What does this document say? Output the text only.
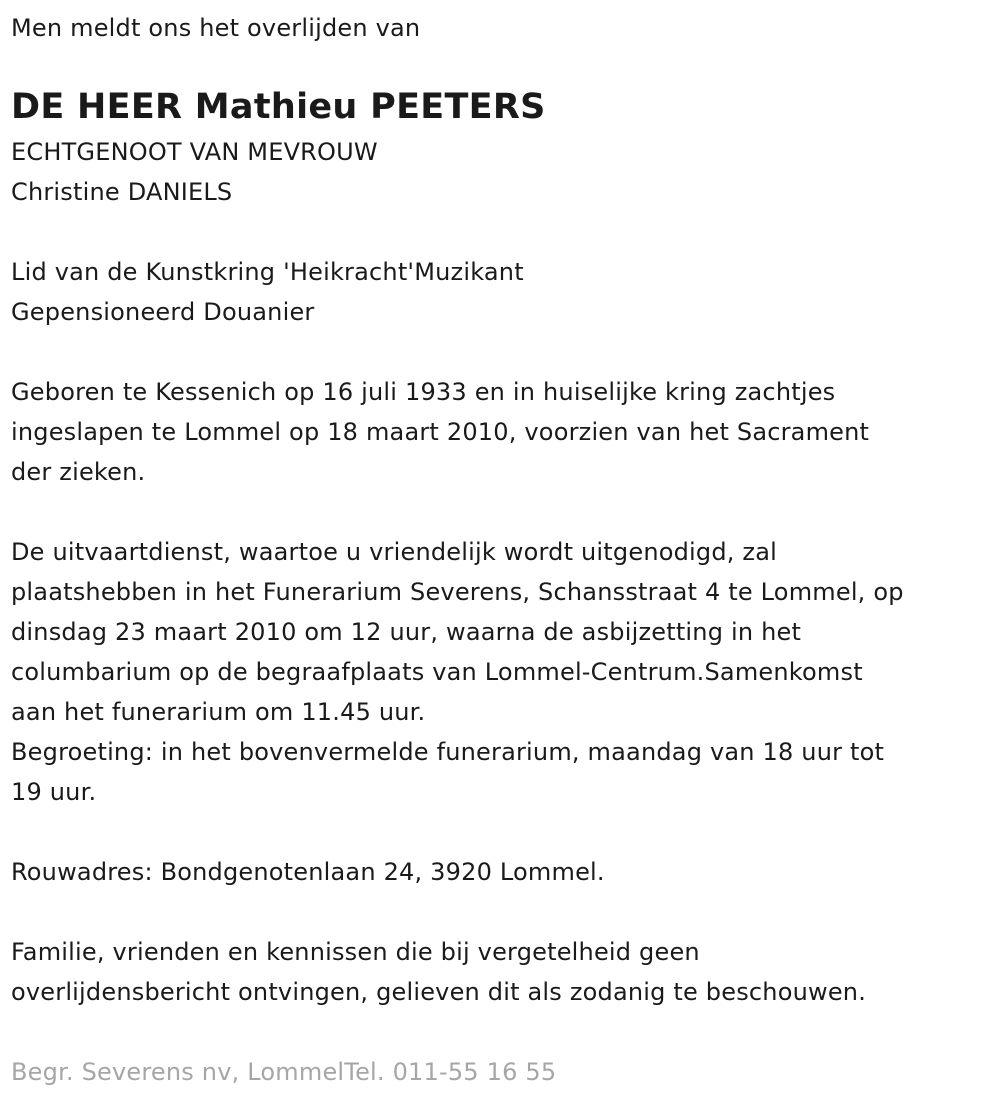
Men meldt ons het overlijden van
DE HEER Mathieu PEETERS
ECHTGENOOT VAN MEVROUW
Christine DANIELS
Lid van de Kunstkring 'Heikracht'Muzikant
Gepensioneerd Douanier
Geboren te Kessenich op 16 juli 1933 en in huiselijke kring zachtjes
ingeslapen te Lommel op 18 maart 2010, voorzien van het Sacrament
der zieken.
De uitvaartdienst, waartoe u vriendelijk wordt uitgenodigd, zal
plaatshebben in het Funerarium Severens, Schansstraat 4 te Lommel, op
dinsdag 23 maart 2010 om 12 uur, waarna de asbijzetting in het
columbarium op de begraafplaats van Lommel-Centrum.Samenkomst
aan het funerarium om 11.45 uur.
Begroeting: in het bovenvermelde funerarium, maandag van 18 uur tot
19 uur.
Rouwadres: Bondgenotenlaan 24, 3920 Lommel.
Familie, vrienden en kennissen die bij vergetelheid geen
overlijdensbericht ontvingen, gelieven dit als zodanig te beschouwen.
Begr. Severens nv, LommelTel. 011-55 16 55
